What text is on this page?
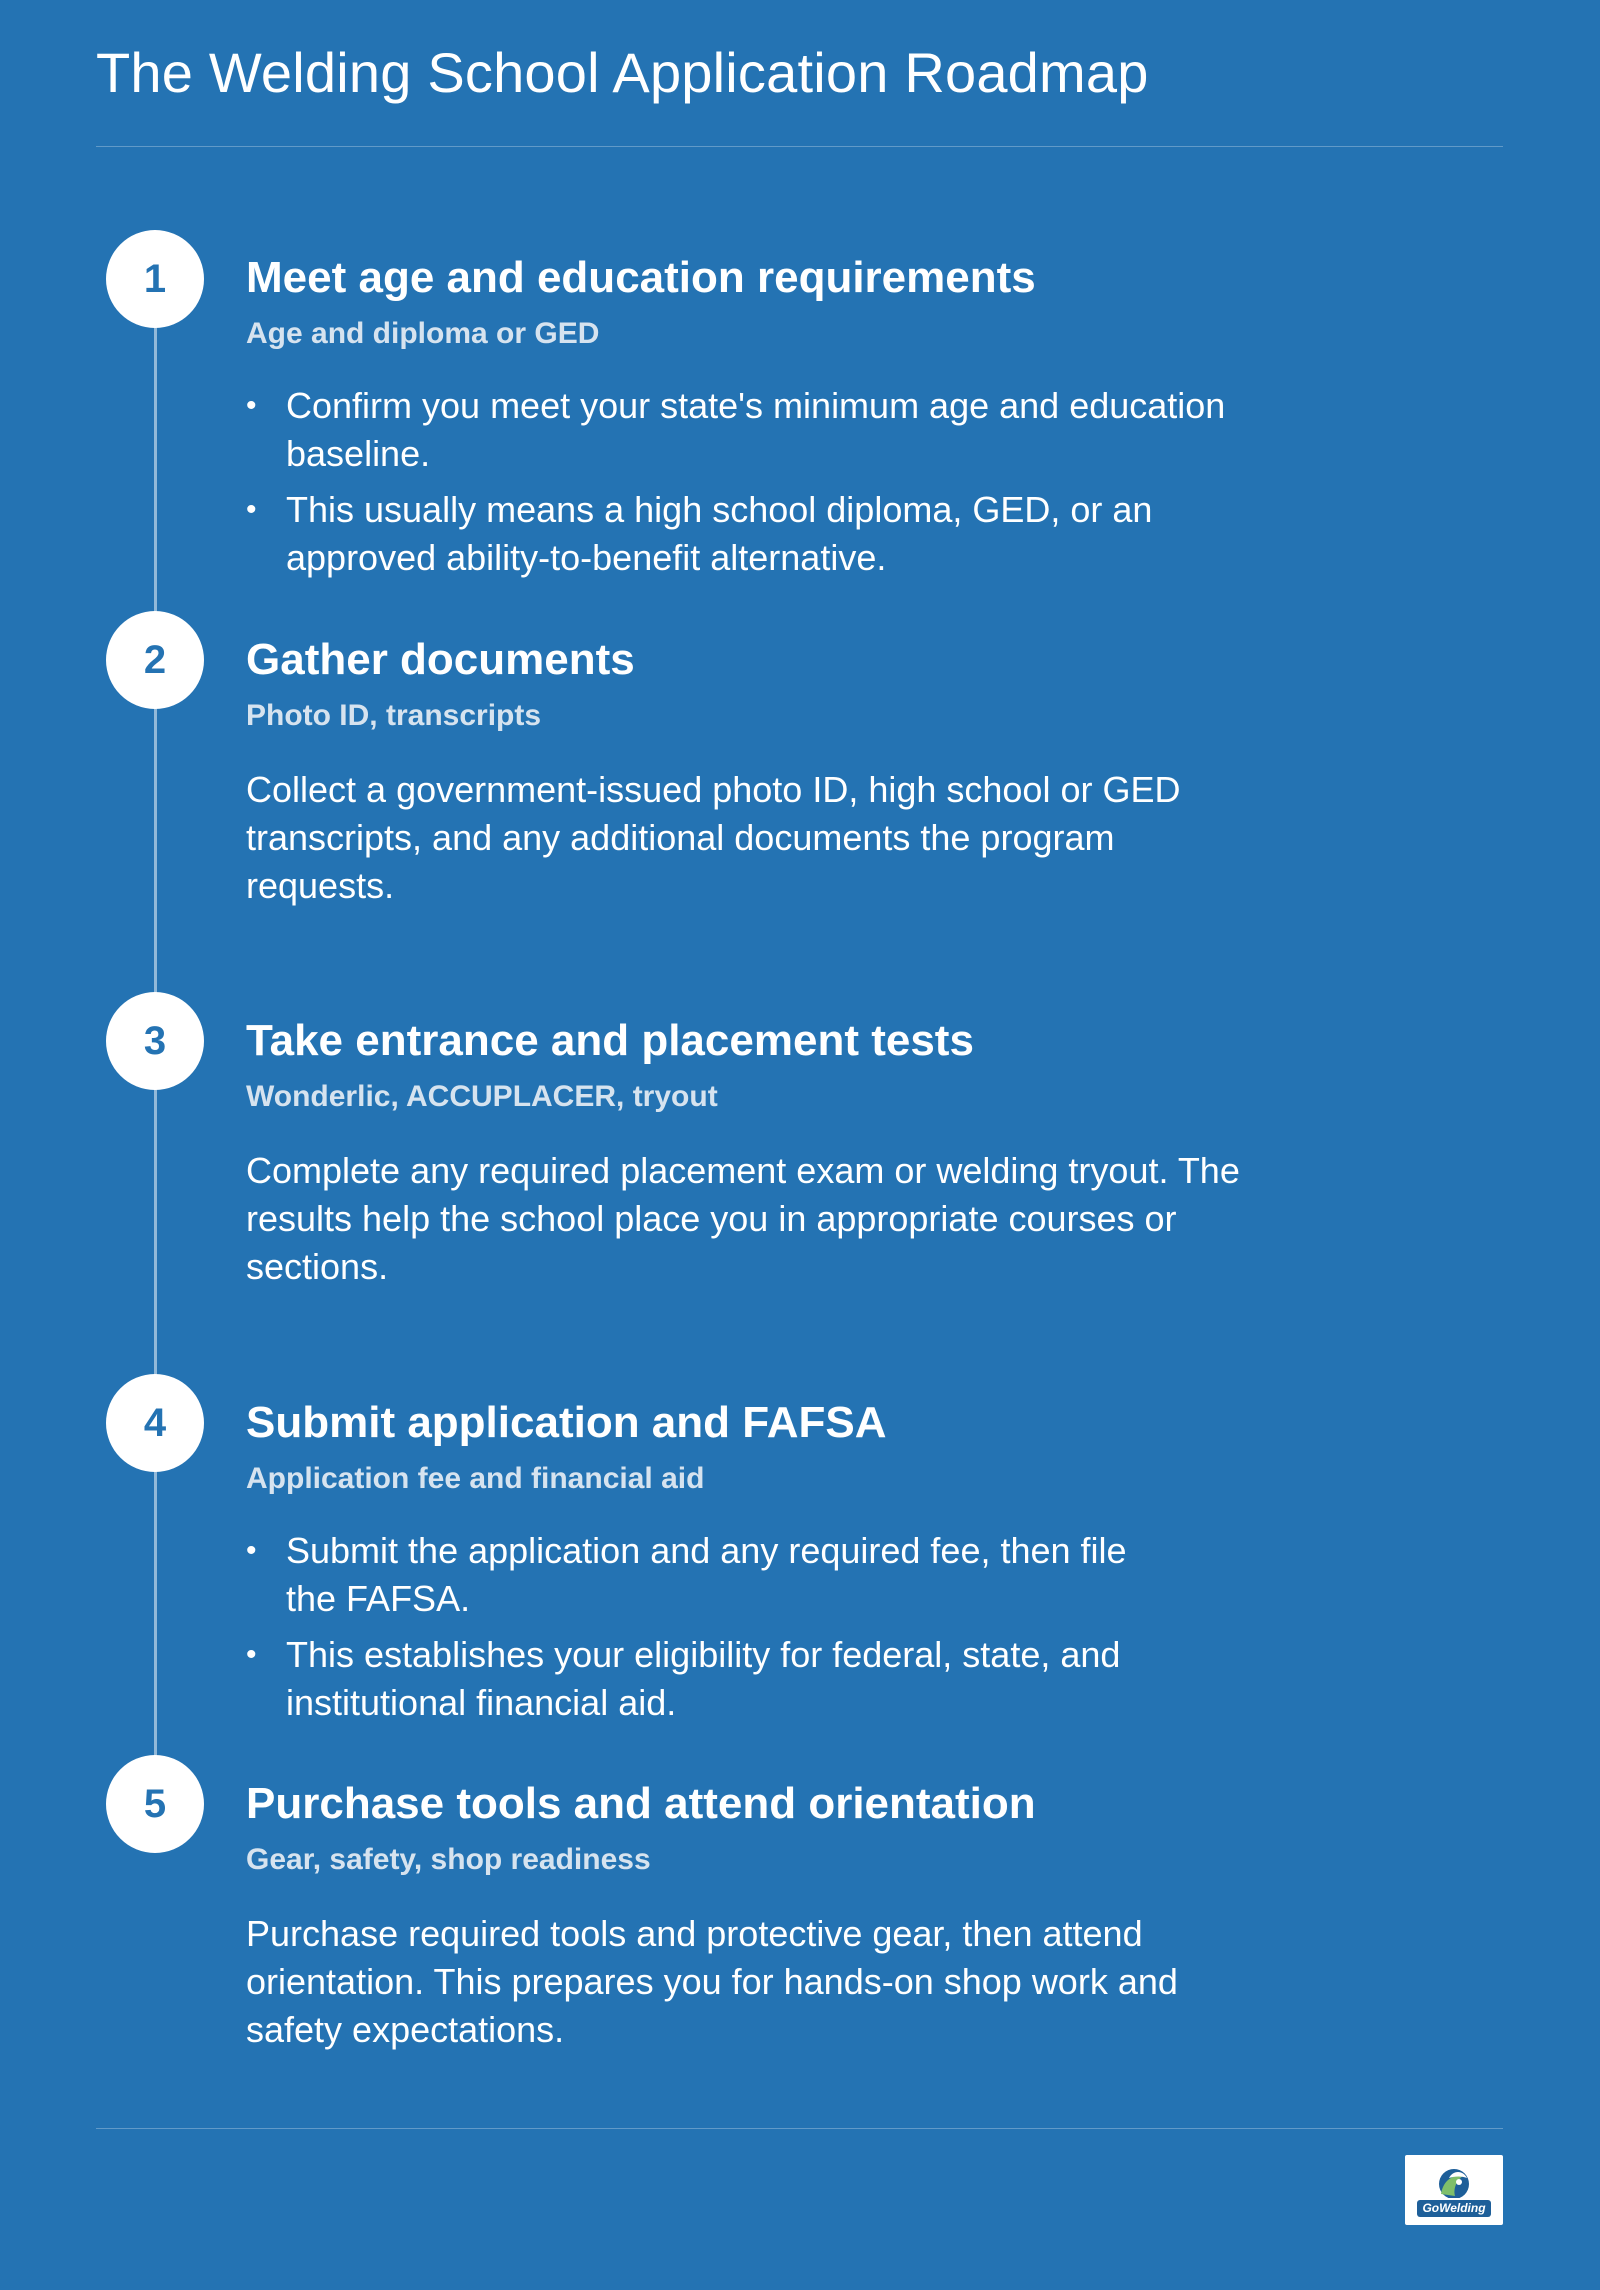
The Welding School Application Roadmap
1	Meet age and education requirements
Age and diploma or GED
• Confirm you meet your state's minimum age and education baseline.
• This usually means a high school diploma, GED, or an approved ability-to-benefit alternative.
2	Gather documents
Photo ID, transcripts
Collect a government-issued photo ID, high school or GED transcripts, and any additional documents the program requests.
3	Take entrance and placement tests
Wonderlic, ACCUPLACER, tryout
Complete any required placement exam or welding tryout. The results help the school place you in appropriate courses or sections.
4	Submit application and FAFSA
Application fee and financial aid
• Submit the application and any required fee, then file the FAFSA.
• This establishes your eligibility for federal, state, and institutional financial aid.
5	Purchase tools and attend orientation
Gear, safety, shop readiness
Purchase required tools and protective gear, then attend orientation. This prepares you for hands-on shop work and safety expectations.
GoWelding
